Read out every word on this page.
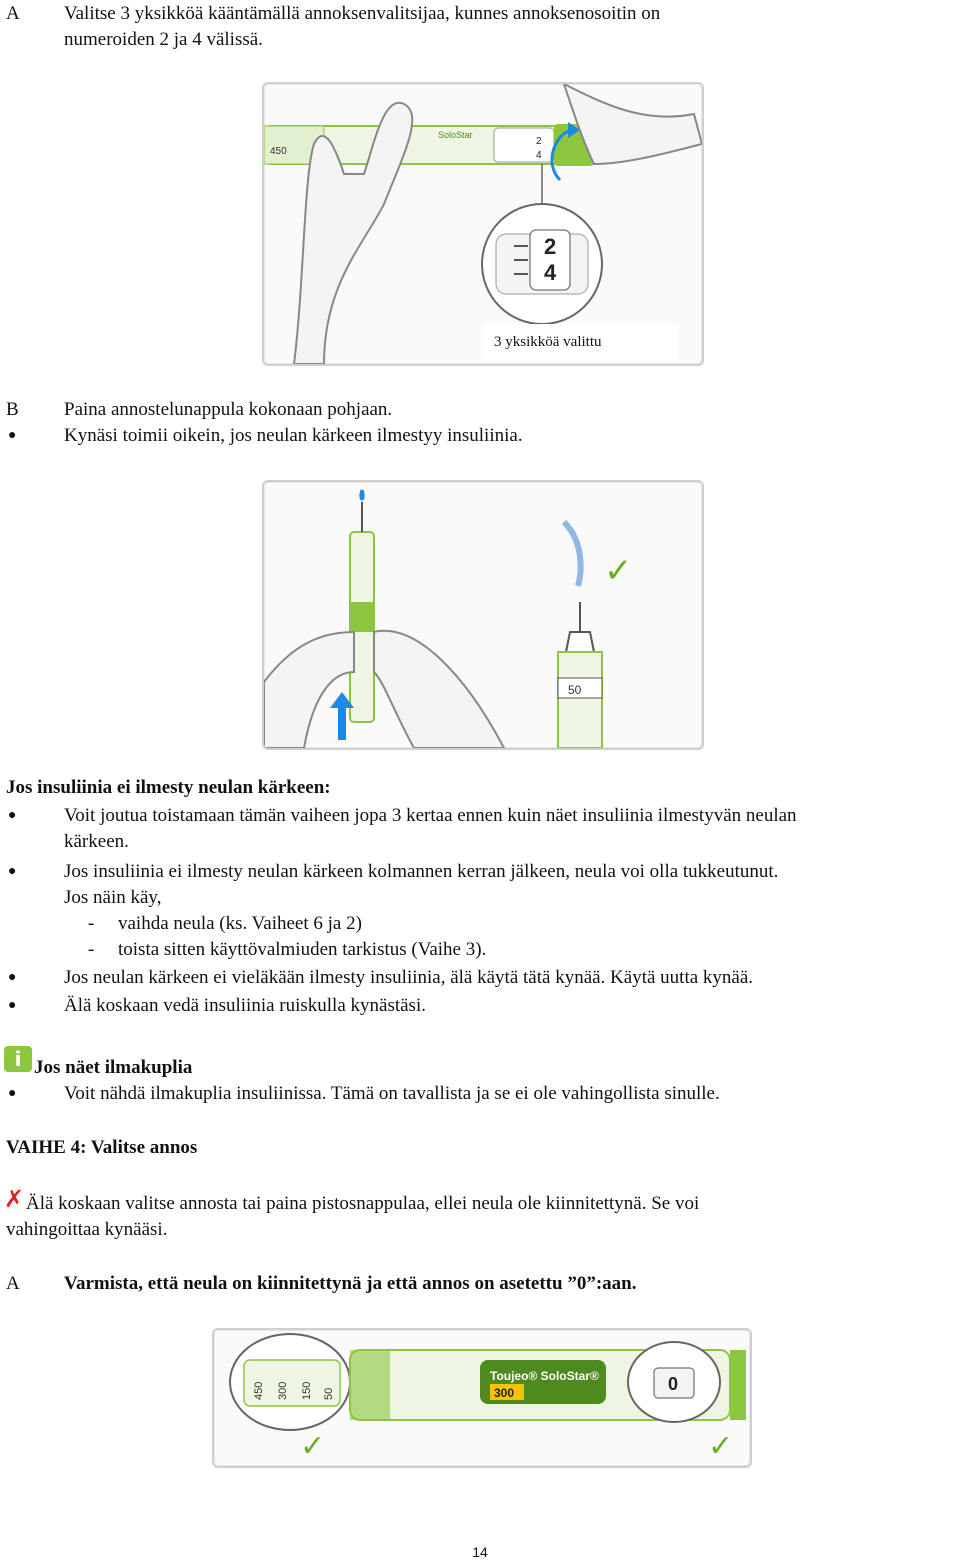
A Valitse 3 yksikköä kääntämällä annoksenvalitsijaa, kunnes annoksenosoitin on
numeroiden 2 ja 4 välissä.
450
SoloStar
2
4
2
4
3 yksikköä valittu
B Paina annostelunappula kokonaan pohjaan.
●	Kynäsi toimii oikein, jos neulan kärkeen ilmestyy insuliinia.
50
✓
Jos insuliinia ei ilmesty neulan kärkeen:
●	Voit joutua toistamaan tämän vaiheen jopa 3 kertaa ennen kuin näet insuliinia ilmestyvän neulan
kärkeen.
●	Jos insuliinia ei ilmesty neulan kärkeen kolmannen kerran jälkeen, neula voi olla tukkeutunut.
Jos näin käy,
- vaihda neula (ks. Vaiheet 6 ja 2)
- toista sitten käyttövalmiuden tarkistus (Vaihe 3).
●	Jos neulan kärkeen ei vieläkään ilmesty insuliinia, älä käytä tätä kynää. Käytä uutta kynää.
●	Älä koskaan vedä insuliinia ruiskulla kynästäsi.
i Jos näet ilmakuplia
●	Voit nähdä ilmakuplia insuliinissa. Tämä on tavallista ja se ei ole vahingollista sinulle.
VAIHE 4: Valitse annos
✗ Älä koskaan valitse annosta tai paina pistosnappulaa, ellei neula ole kiinnitettynä. Se voi
vahingoittaa kynääsi.
A Varmista, että neula on kiinnitettynä ja että annos on asetettu ”0”:aan.
450 300 150 50
Toujeo® SoloStar®
300	0
✓	✓
14
